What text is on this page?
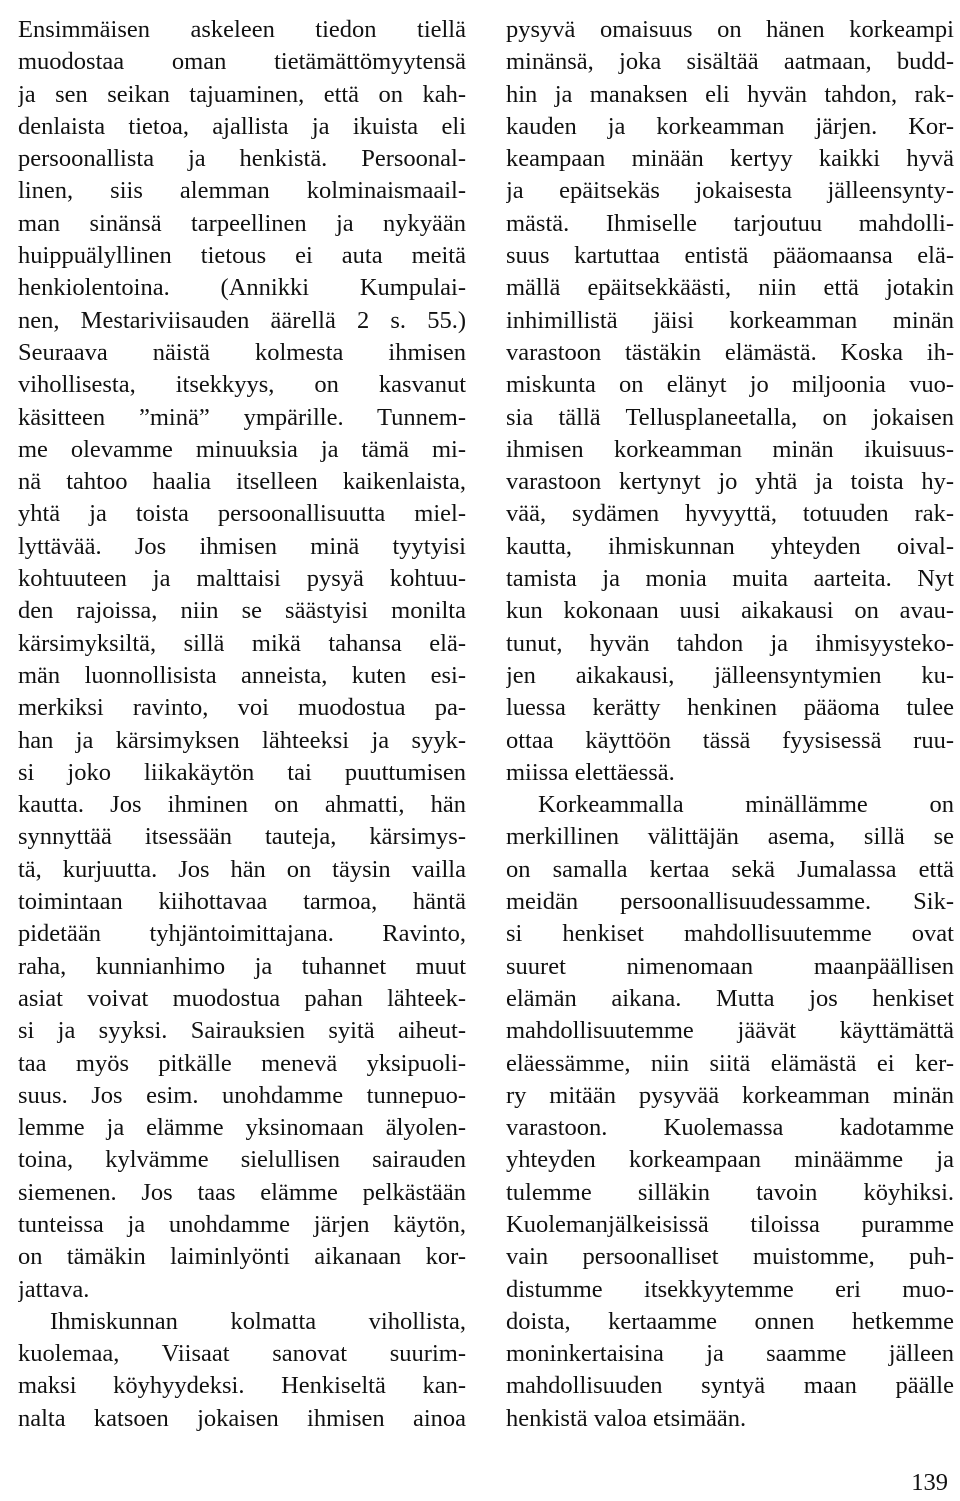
Ensimmäisen askeleen tiedon tiellä
muodostaa oman tietämättömyytensä
ja sen seikan tajuaminen, että on kah-
denlaista tietoa, ajallista ja ikuista eli
persoonallista ja henkistä. Persoonal-
linen, siis alemman kolminaismaail-
man sinänsä tarpeellinen ja nykyään
huippuälyllinen tietous ei auta meitä
henkiolentoina. (Annikki Kumpulai-
nen, Mestariviisauden äärellä 2 s. 55.)
Seuraava näistä kolmesta ihmisen
vihollisesta, itsekkyys, on kasvanut
käsitteen ”minä” ympärille. Tunnem-
me olevamme minuuksia ja tämä mi-
nä tahtoo haalia itselleen kaikenlaista,
yhtä ja toista persoonallisuutta miel-
lyttävää. Jos ihmisen minä tyytyisi
kohtuuteen ja malttaisi pysyä kohtuu-
den rajoissa, niin se säästyisi monilta
kärsimyksiltä, sillä mikä tahansa elä-
män luonnollisista anneista, kuten esi-
merkiksi ravinto, voi muodostua pa-
han ja kärsimyksen lähteeksi ja syyk-
si joko liikakäytön tai puuttumisen
kautta. Jos ihminen on ahmatti, hän
synnyttää itsessään tauteja, kärsimys-
tä, kurjuutta. Jos hän on täysin vailla
toimintaan kiihottavaa tarmoa, häntä
pidetään tyhjäntoimittajana. Ravinto,
raha, kunnianhimo ja tuhannet muut
asiat voivat muodostua pahan lähteek-
si ja syyksi. Sairauksien syitä aiheut-
taa myös pitkälle menevä yksipuoli-
suus. Jos esim. unohdamme tunnepuo-
lemme ja elämme yksinomaan älyolen-
toina, kylvämme sielullisen sairauden
siemenen. Jos taas elämme pelkästään
tunteissa ja unohdamme järjen käytön,
on tämäkin laiminlyönti aikanaan kor-
jattava.
Ihmiskunnan kolmatta vihollista,
kuolemaa, Viisaat sanovat suurim-
maksi köyhyydeksi. Henkiseltä kan-
nalta katsoen jokaisen ihmisen ainoa
pysyvä omaisuus on hänen korkeampi
minänsä, joka sisältää aatmaan, budd-
hin ja manaksen eli hyvän tahdon, rak-
kauden ja korkeamman järjen. Kor-
keampaan minään kertyy kaikki hyvä
ja epäitsekäs jokaisesta jälleensynty-
mästä. Ihmiselle tarjoutuu mahdolli-
suus kartuttaa entistä pääomaansa elä-
mällä epäitsekkäästi, niin että jotakin
inhimillistä jäisi korkeamman minän
varastoon tästäkin elämästä. Koska ih-
miskunta on elänyt jo miljoonia vuo-
sia tällä Tellusplaneetalla, on jokaisen
ihmisen korkeamman minän ikuisuus-
varastoon kertynyt jo yhtä ja toista hy-
vää, sydämen hyvyyttä, totuuden rak-
kautta, ihmiskunnan yhteyden oival-
tamista ja monia muita aarteita. Nyt
kun kokonaan uusi aikakausi on avau-
tunut, hyvän tahdon ja ihmisyysteko-
jen aikakausi, jälleensyntymien ku-
luessa kerätty henkinen pääoma tulee
ottaa käyttöön tässä fyysisessä ruu-
miissa elettäessä.
Korkeammalla minällämme on
merkillinen välittäjän asema, sillä se
on samalla kertaa sekä Jumalassa että
meidän persoonallisuudessamme. Sik-
si henkiset mahdollisuutemme ovat
suuret nimenomaan maanpäällisen
elämän aikana. Mutta jos henkiset
mahdollisuutemme jäävät käyttämättä
eläessämme, niin siitä elämästä ei ker-
ry mitään pysyvää korkeamman minän
varastoon. Kuolemassa kadotamme
yhteyden korkeampaan minäämme ja
tulemme silläkin tavoin köyhiksi.
Kuolemanjälkeisissä tiloissa puramme
vain persoonalliset muistomme, puh-
distumme itsekkyytemme eri muo-
doista, kertaamme onnen hetkemme
moninkertaisina ja saamme jälleen
mahdollisuuden syntyä maan päälle
henkistä valoa etsimään.
139
